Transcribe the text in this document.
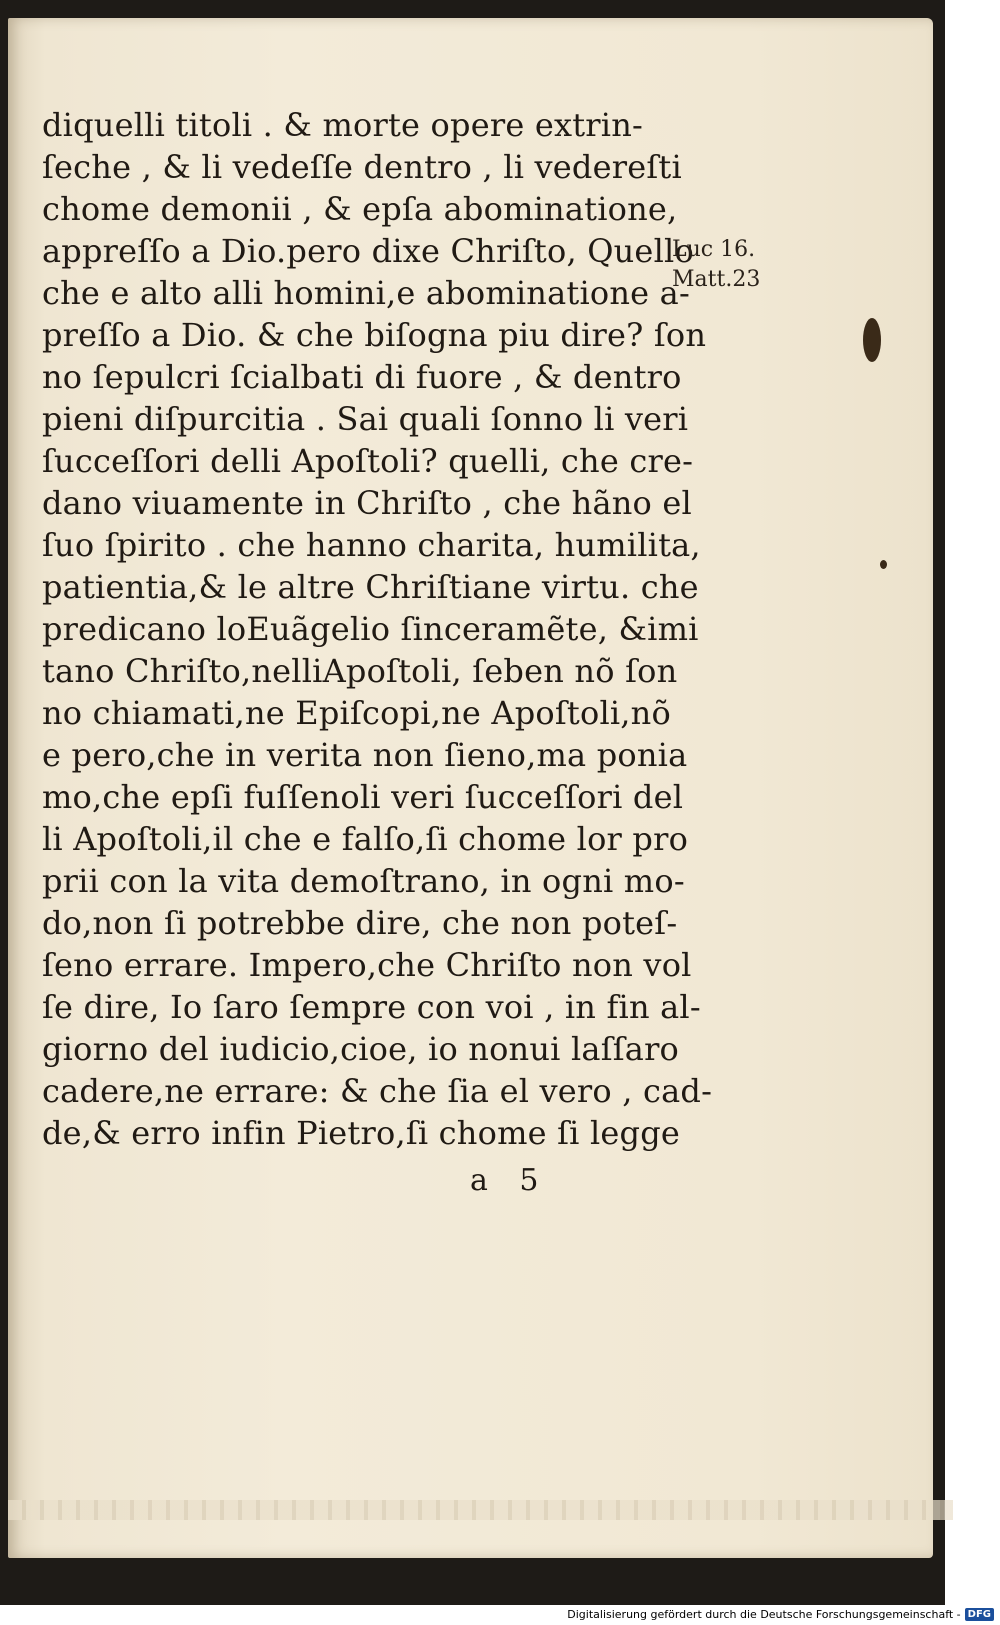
diquelli titoli . & morte opere extrin-
ſeche , & li vedeſſe dentro , li vedereſti
chome demonii , & epſa abominatione,
appreſſo a Dio.pero dixe Chriſto, Quello
che e alto alli homini,e abominatione a-
preſſo a Dio. & che biſogna piu dire? ſon
no ſepulcri ſcialbati di fuore , & dentro
pieni diſpurcitia . Sai quali ſonno li veri
ſucceſſori delli Apoſtoli? quelli, che cre-
dano viuamente in Chriſto , che hãno el
ſuo ſpirito . che hanno charita, humilita,
patientia,& le altre Chriſtiane virtu. che
predicano loEuãgelio ſinceramẽte, &imi
tano Chriſto,nelliApoſtoli, ſeben nõ ſon
no chiamati,ne Epiſcopi,ne Apoſtoli,nõ
e pero,che in verita non ſieno,ma ponia
mo,che epſi fuſſenoli veri ſucceſſori del
li Apoſtoli,il che e falſo,ſi chome lor pro
prii con la vita demoſtrano, in ogni mo-
do,non ſi potrebbe dire, che non poteſ-
ſeno errare. Impero,che Chriſto non vol
ſe dire, Io ſaro ſempre con voi , in fin al-
giorno del iudicio,cioe, io nonui laſſaro
cadere,ne errare: & che ſia el vero , cad-
de,& erro infin Pietro,ſi chome ſi legge
Luc 16.
Matt.23
a 5
Digitalisierung gefördert durch die Deutsche Forschungsgemeinschaft - DFG
